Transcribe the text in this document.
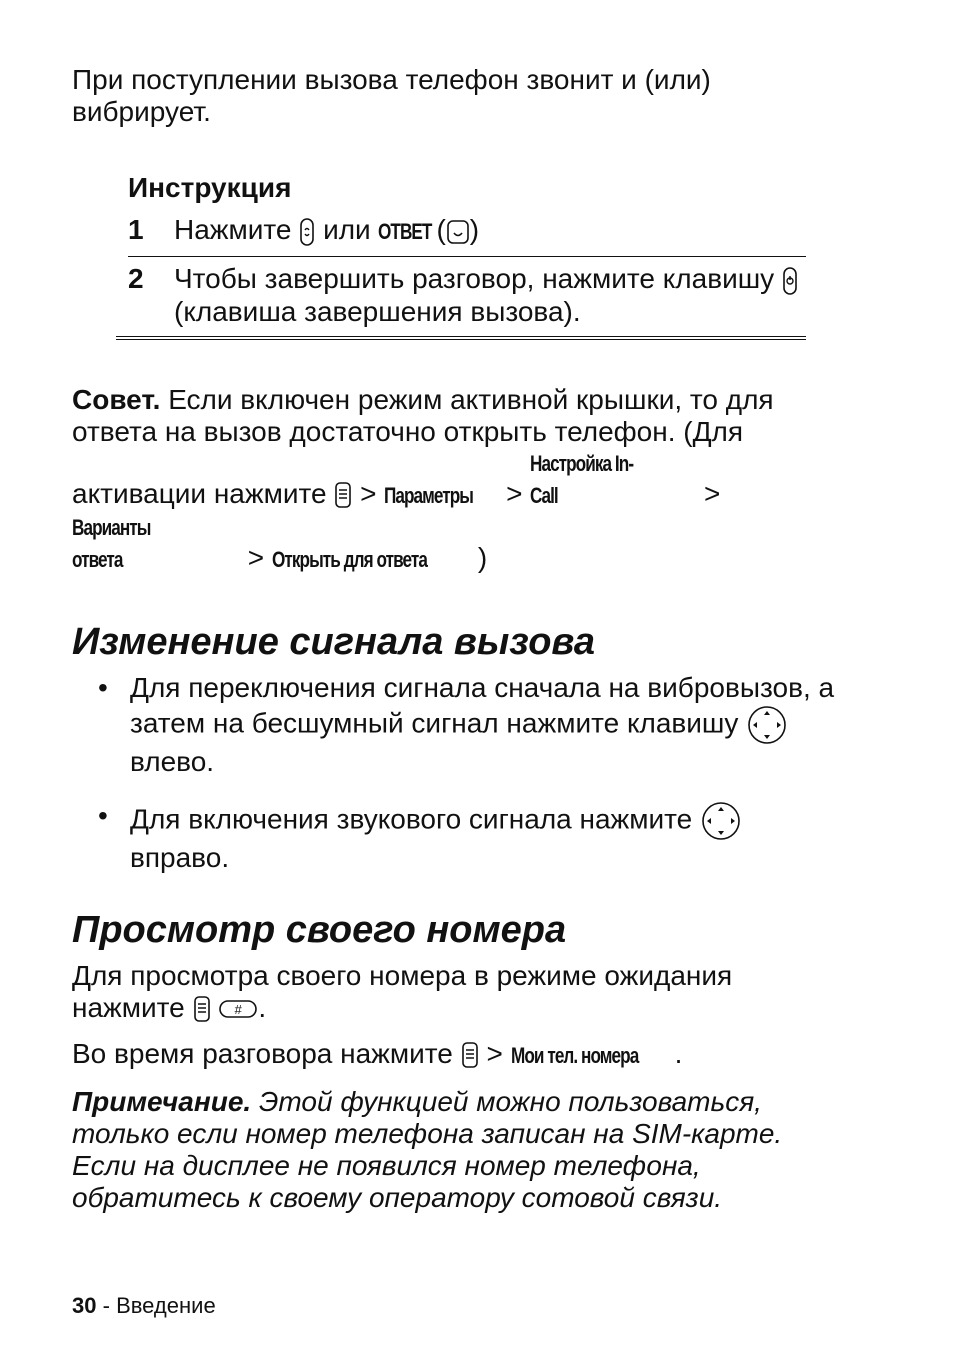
При поступлении вызова телефон звонит и (или) вибрирует.

Инструкция
1	Нажмите или ОТВЕТ ( )
2	Чтобы завершить разговор, нажмите клавишу  (клавиша завершения вызова).

Совет. Если включен режим активной крышки, то для ответа на вызов достаточно открыть телефон. (Для активации нажмите > Параметры > Настройка In-Call	>
Варианты ответа	> Открыть для ответа )

Изменение сигнала вызова
• Для переключения сигнала сначала на вибровызов, а затем на бесшумный сигнал нажмите клавишу  влево.
• Для включения звукового сигнала нажмите  вправо.
Просмотр своего номера

Для просмотра своего номера в режиме ожидания нажмите	# .

Во время разговора нажмите > Мои тел. номера .

Примечание. Этой функцией можно пользоваться, только если номер телефона записан на SIM-карте. Если на дисплее не появился номер телефона, обратитесь к своему оператору сотовой связи.

30 - Введение
